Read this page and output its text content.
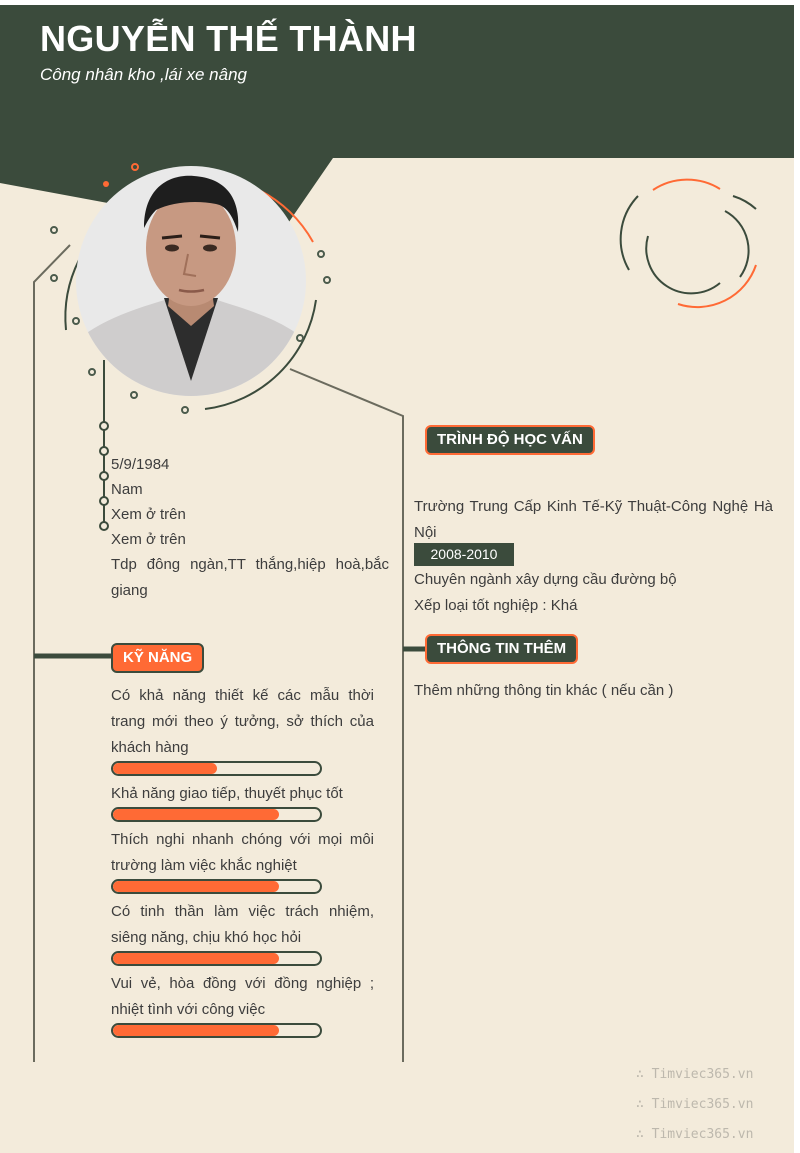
NGUYỄN THẾ THÀNH
Công nhân kho ,lái xe nâng
5/9/1984
Nam
Xem ở trên
Xem ở trên
Tdp đông ngàn,TT thắng,hiệp hoà,bắc giang
KỸ NĂNG
Có khả năng thiết kế các mẫu thời trang mới theo ý tưởng, sở thích của khách hàng
Khả năng giao tiếp, thuyết phục tốt
Thích nghi nhanh chóng với mọi môi trường làm việc khắc nghiệt
Có tinh thần làm việc trách nhiệm, siêng năng, chịu khó học hỏi
Vui vẻ, hòa đồng với đồng nghiệp ; nhiệt tình với công việc
TRÌNH ĐỘ HỌC VẤN
Trường Trung Cấp Kinh Tế-Kỹ Thuật-Công Nghệ Hà Nội
2008-2010
Chuyên ngành xây dựng cầu đường bộ
Xếp loại tốt nghiệp : Khá
THÔNG TIN THÊM
Thêm những thông tin khác ( nếu cần )
∴ Timviec365.vn
∴ Timviec365.vn
∴ Timviec365.vn
